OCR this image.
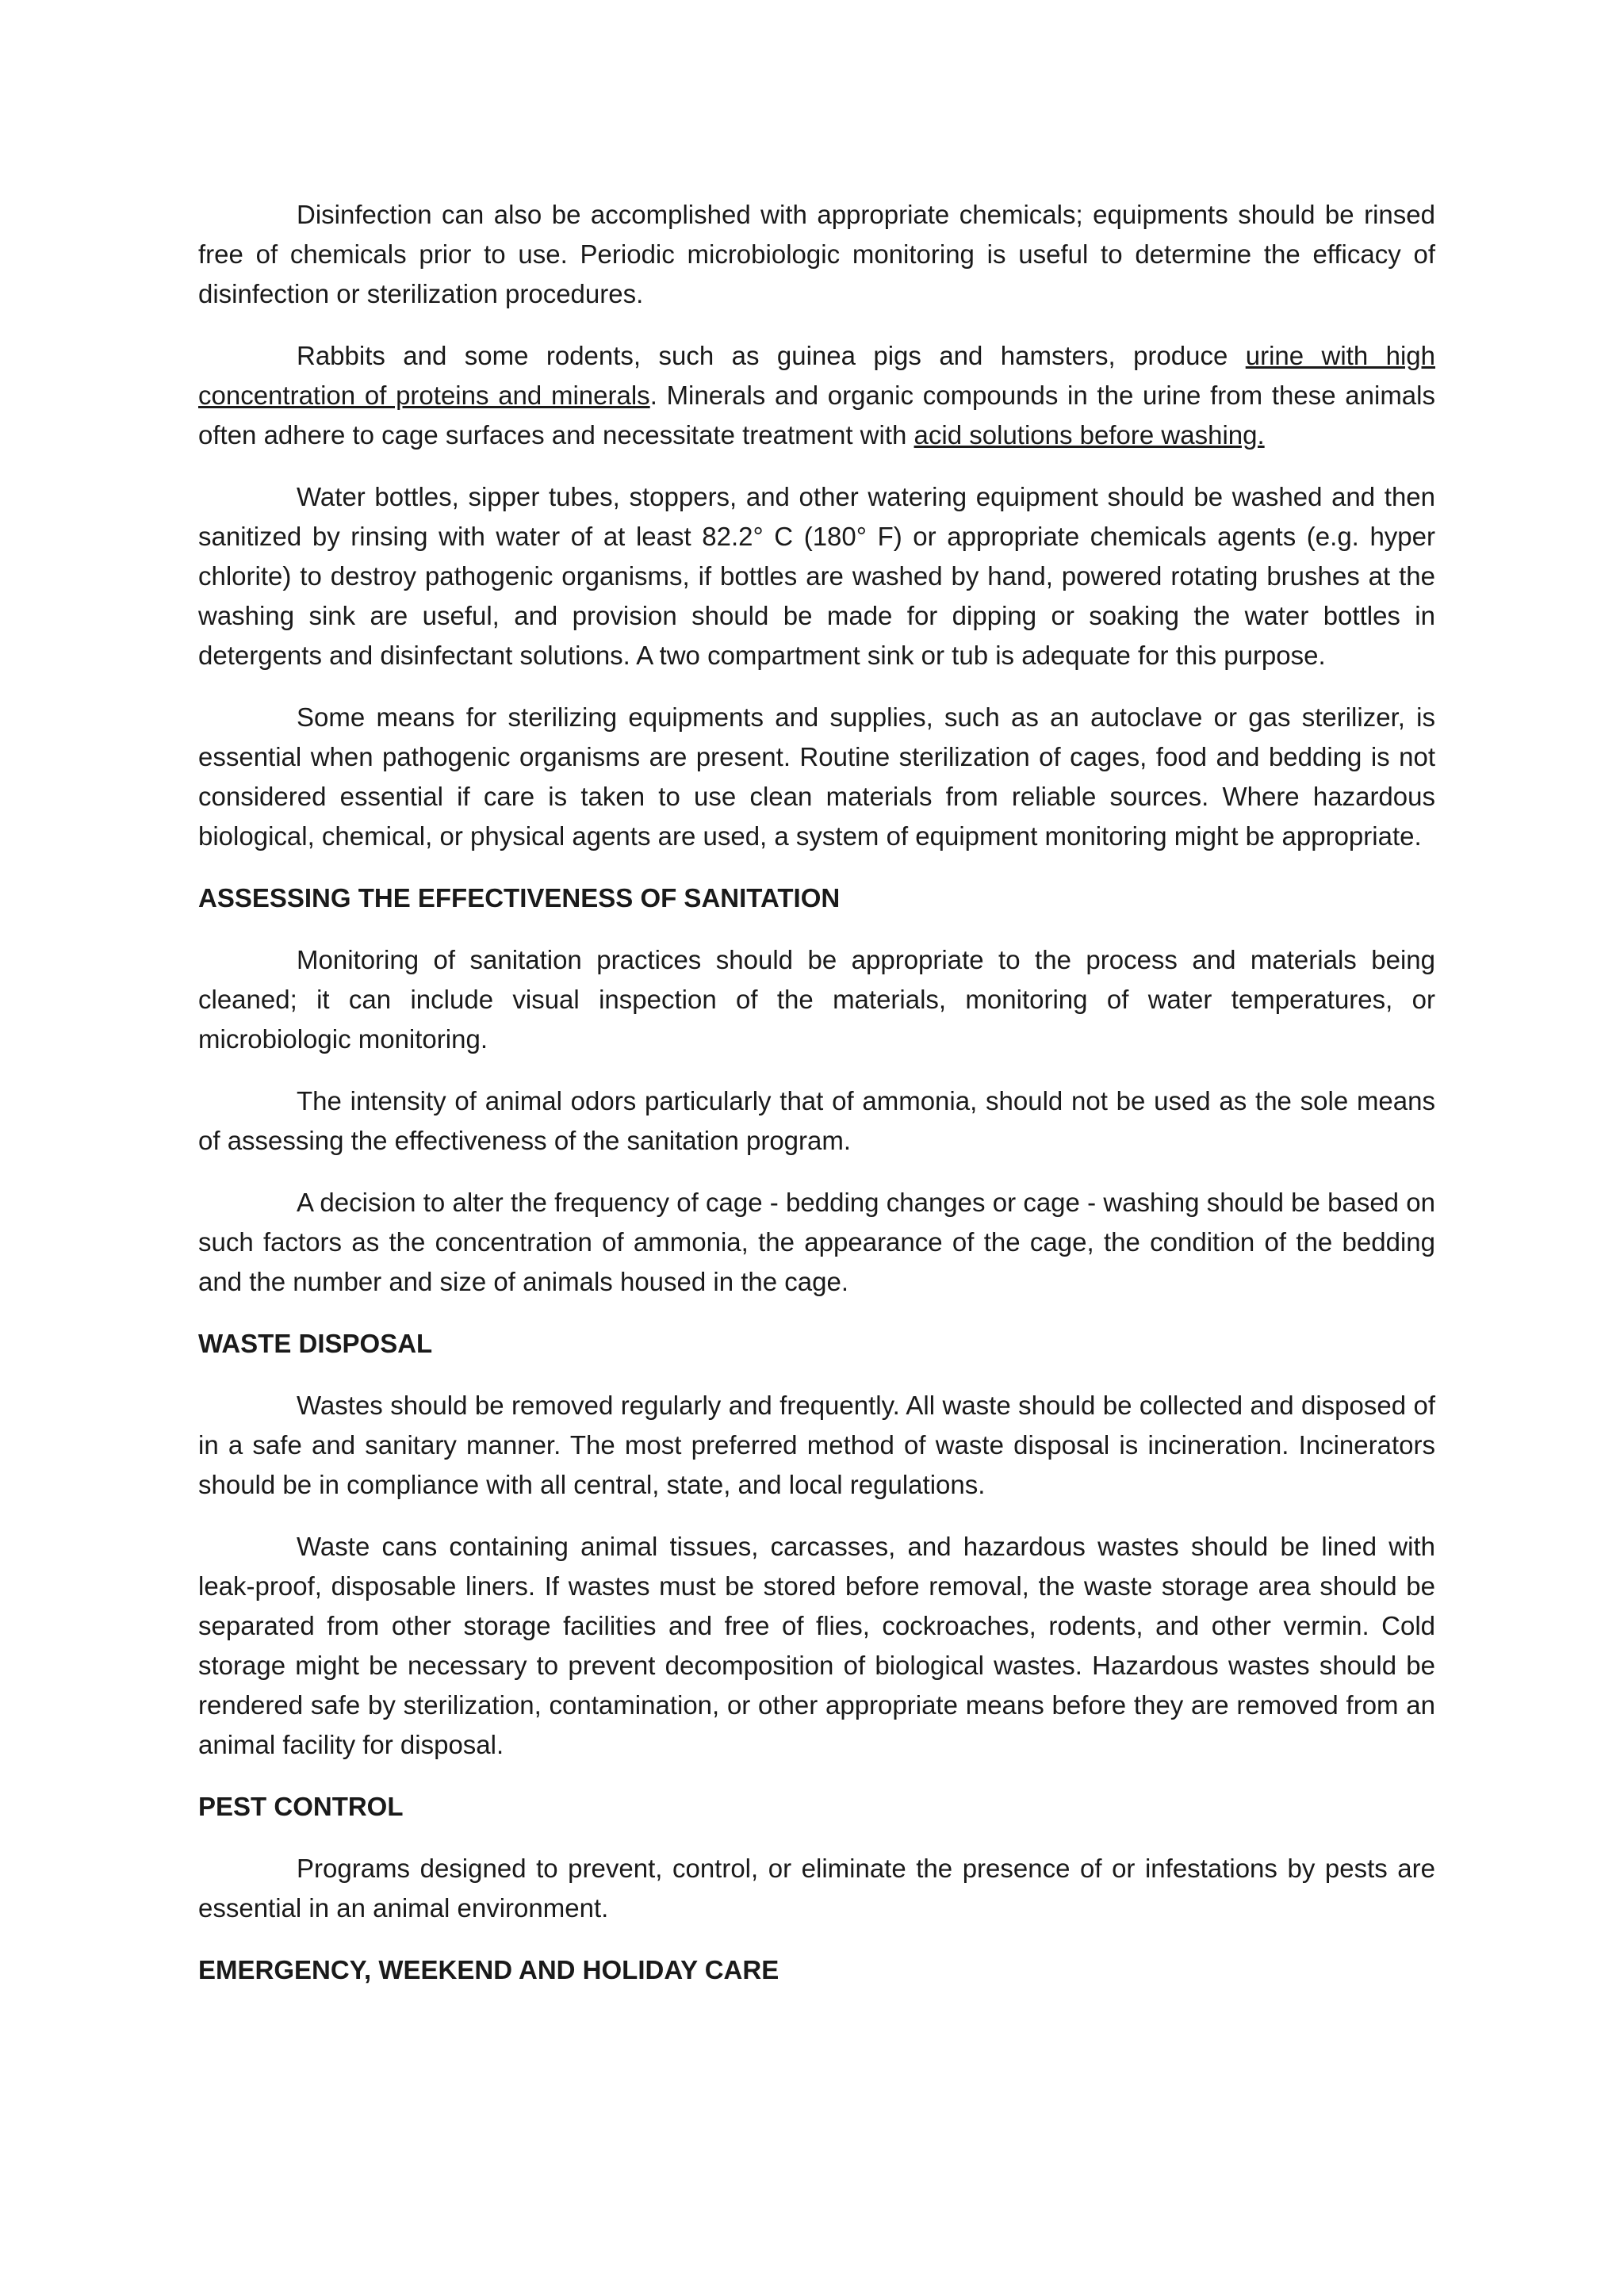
Disinfection can also be accomplished with appropriate chemicals; equipments should be rinsed free of chemicals prior to use. Periodic microbiologic monitoring is useful to determine the efficacy of disinfection or sterilization procedures.

Rabbits and some rodents, such as guinea pigs and hamsters, produce urine with high concentration of proteins and minerals. Minerals and organic compounds in the urine from these animals often adhere to cage surfaces and necessitate treatment with acid solutions before washing.

Water bottles, sipper tubes, stoppers, and other watering equipment should be washed and then sanitized by rinsing with water of at least 82.2° C (180° F) or appropriate chemicals agents (e.g. hyper chlorite) to destroy pathogenic organisms, if bottles are washed by hand, powered rotating brushes at the washing sink are useful, and provision should be made for dipping or soaking the water bottles in detergents and disinfectant solutions. A two compartment sink or tub is adequate for this purpose.

Some means for sterilizing equipments and supplies, such as an autoclave or gas sterilizer, is essential when pathogenic organisms are present. Routine sterilization of cages, food and bedding is not considered essential if care is taken to use clean materials from reliable sources. Where hazardous biological, chemical, or physical agents are used, a system of equipment monitoring might be appropriate.

ASSESSING THE EFFECTIVENESS OF SANITATION

Monitoring of sanitation practices should be appropriate to the process and materials being cleaned; it can include visual inspection of the materials, monitoring of water temperatures, or microbiologic monitoring.

The intensity of animal odors particularly that of ammonia, should not be used as the sole means of assessing the effectiveness of the sanitation program.

A decision to alter the frequency of cage - bedding changes or cage - washing should be based on such factors as the concentration of ammonia, the appearance of the cage, the condition of the bedding and the number and size of animals housed in the cage.

WASTE DISPOSAL

Wastes should be removed regularly and frequently. All waste should be collected and disposed of in a safe and sanitary manner. The most preferred method of waste disposal is incineration. Incinerators should be in compliance with all central, state, and local regulations.

Waste cans containing animal tissues, carcasses, and hazardous wastes should be lined with leak-proof, disposable liners. If wastes must be stored before removal, the waste storage area should be separated from other storage facilities and free of flies, cockroaches, rodents, and other vermin. Cold storage might be necessary to prevent decomposition of biological wastes. Hazardous wastes should be rendered safe by sterilization, contamination, or other appropriate means before they are removed from an animal facility for disposal.

PEST CONTROL

Programs designed to prevent, control, or eliminate the presence of or infestations by pests are essential in an animal environment.

EMERGENCY, WEEKEND AND HOLIDAY CARE
